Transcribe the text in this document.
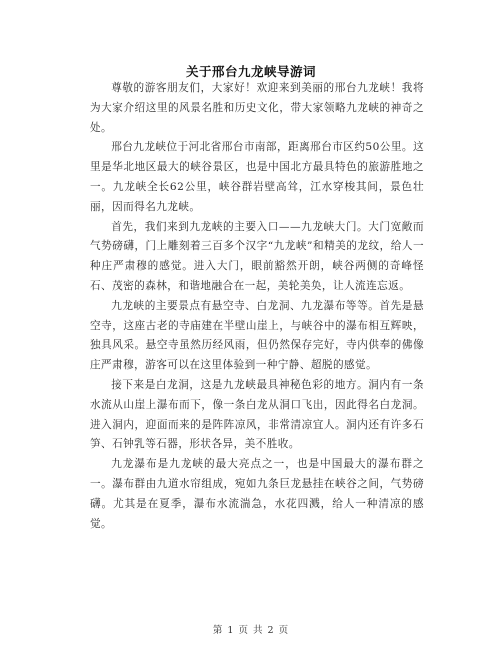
关于邢台九龙峡导游词

尊敬的游客朋友们，大家好！欢迎来到美丽的邢台九龙峡！我将为大家介绍这里的风景名胜和历史文化，带大家领略九龙峡的神奇之处。

邢台九龙峡位于河北省邢台市南部，距离邢台市区约50公里。这里是华北地区最大的峡谷景区，也是中国北方最具特色的旅游胜地之一。九龙峡全长62公里，峡谷群岩壁高耸，江水穿梭其间，景色壮丽，因而得名九龙峡。

首先，我们来到九龙峡的主要入口——九龙峡大门。大门宽敞而气势磅礴，门上雕刻着三百多个汉字“九龙峡”和精美的龙纹，给人一种庄严肃穆的感觉。进入大门，眼前豁然开朗，峡谷两侧的奇峰怪石、茂密的森林，和谐地融合在一起，美轮美奂，让人流连忘返。

九龙峡的主要景点有悬空寺、白龙洞、九龙瀑布等等。首先是悬空寺，这座古老的寺庙建在半壁山崖上，与峡谷中的瀑布相互辉映，独具风采。悬空寺虽然历经风雨，但仍然保存完好，寺内供奉的佛像庄严肃穆，游客可以在这里体验到一种宁静、超脱的感觉。

接下来是白龙洞，这是九龙峡最具神秘色彩的地方。洞内有一条水流从山崖上瀑布而下，像一条白龙从洞口飞出，因此得名白龙洞。进入洞内，迎面而来的是阵阵凉风，非常清凉宜人。洞内还有许多石笋、石钟乳等石器，形状各异，美不胜收。

九龙瀑布是九龙峡的最大亮点之一，也是中国最大的瀑布群之一。瀑布群由九道水帘组成，宛如九条巨龙悬挂在峡谷之间，气势磅礴。尤其是在夏季，瀑布水流湍急，水花四溅，给人一种清凉的感觉。

第 1 页 共 2 页
